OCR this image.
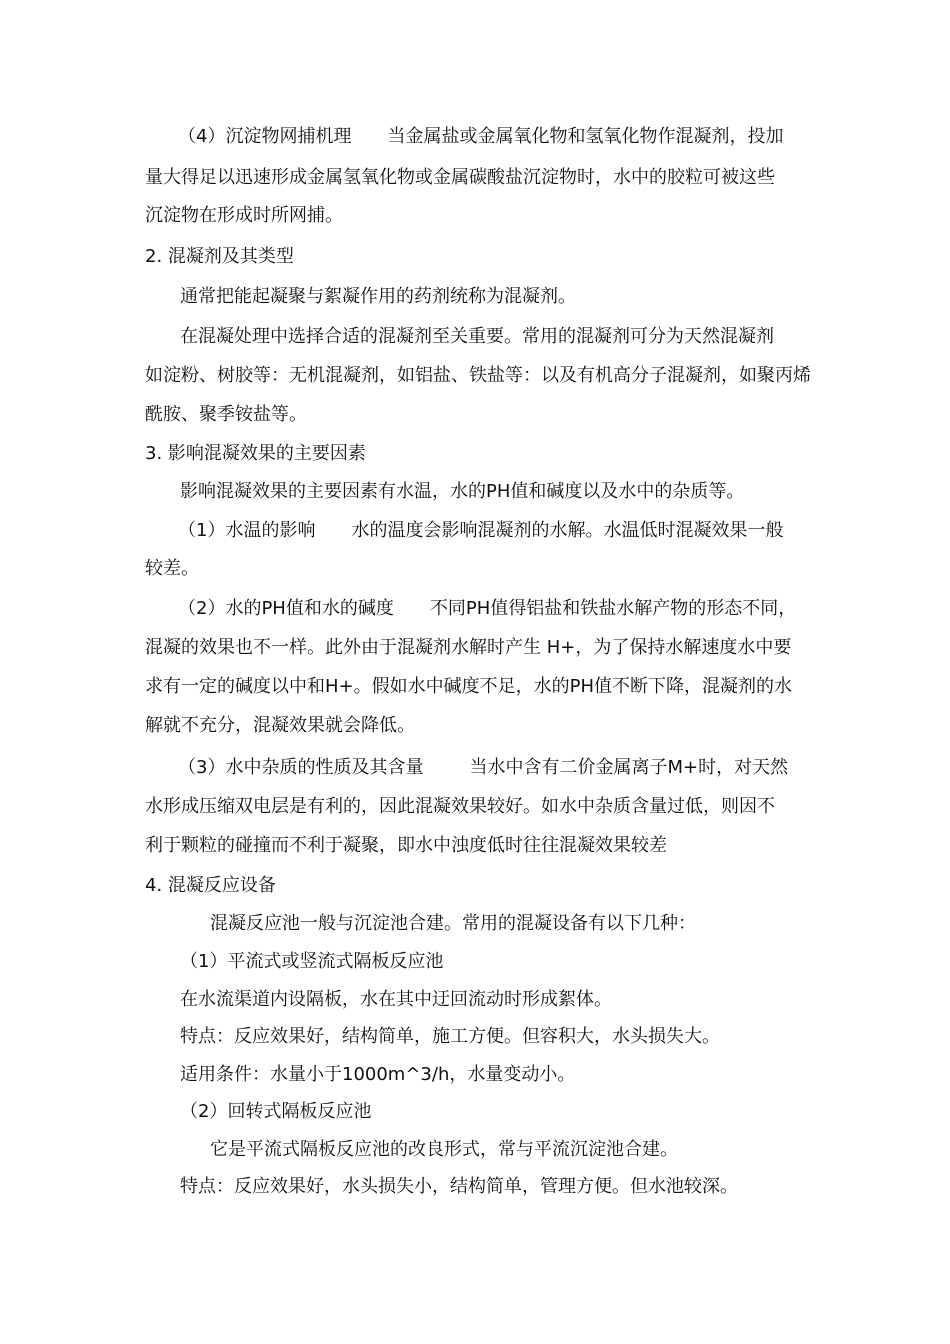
（4）沉淀物网捕机理 当金属盐或金属氧化物和氢氧化物作混凝剂，投加
量大得足以迅速形成金属氢氧化物或金属碳酸盐沉淀物时，水中的胶粒可被这些
沉淀物在形成时所网捕。
2. 混凝剂及其类型
通常把能起凝聚与絮凝作用的药剂统称为混凝剂。
在混凝处理中选择合适的混凝剂至关重要。常用的混凝剂可分为天然混凝剂
如淀粉、树胶等：无机混凝剂，如铝盐、铁盐等：以及有机高分子混凝剂，如聚丙烯
酰胺、聚季铵盐等。
3. 影响混凝效果的主要因素
影响混凝效果的主要因素有水温，水的PH值和碱度以及水中的杂质等。
（1）水温的影响 水的温度会影响混凝剂的水解。水温低时混凝效果一般
较差。
（2）水的PH值和水的碱度 不同PH值得铝盐和铁盐水解产物的形态不同，
混凝的效果也不一样。此外由于混凝剂水解时产生 H+，为了保持水解速度水中要
求有一定的碱度以中和H+。假如水中碱度不足，水的PH值不断下降，混凝剂的水
解就不充分，混凝效果就会降低。
（3）水中杂质的性质及其含量	当水中含有二价金属离子M+时，对天然
水形成压缩双电层是有利的，因此混凝效果较好。如水中杂质含量过低，则因不
利于颗粒的碰撞而不利于凝聚，即水中浊度低时往往混凝效果较差
4. 混凝反应设备
混凝反应池一般与沉淀池合建。常用的混凝设备有以下几种：
（1）平流式或竖流式隔板反应池
在水流渠道内设隔板，水在其中迂回流动时形成絮体。
特点：反应效果好，结构简单，施工方便。但容积大，水头损失大。
适用条件：水量小于1000m^3/h，水量变动小。
（2）回转式隔板反应池
它是平流式隔板反应池的改良形式，常与平流沉淀池合建。
特点：反应效果好，水头损失小，结构简单，管理方便。但水池较深。
